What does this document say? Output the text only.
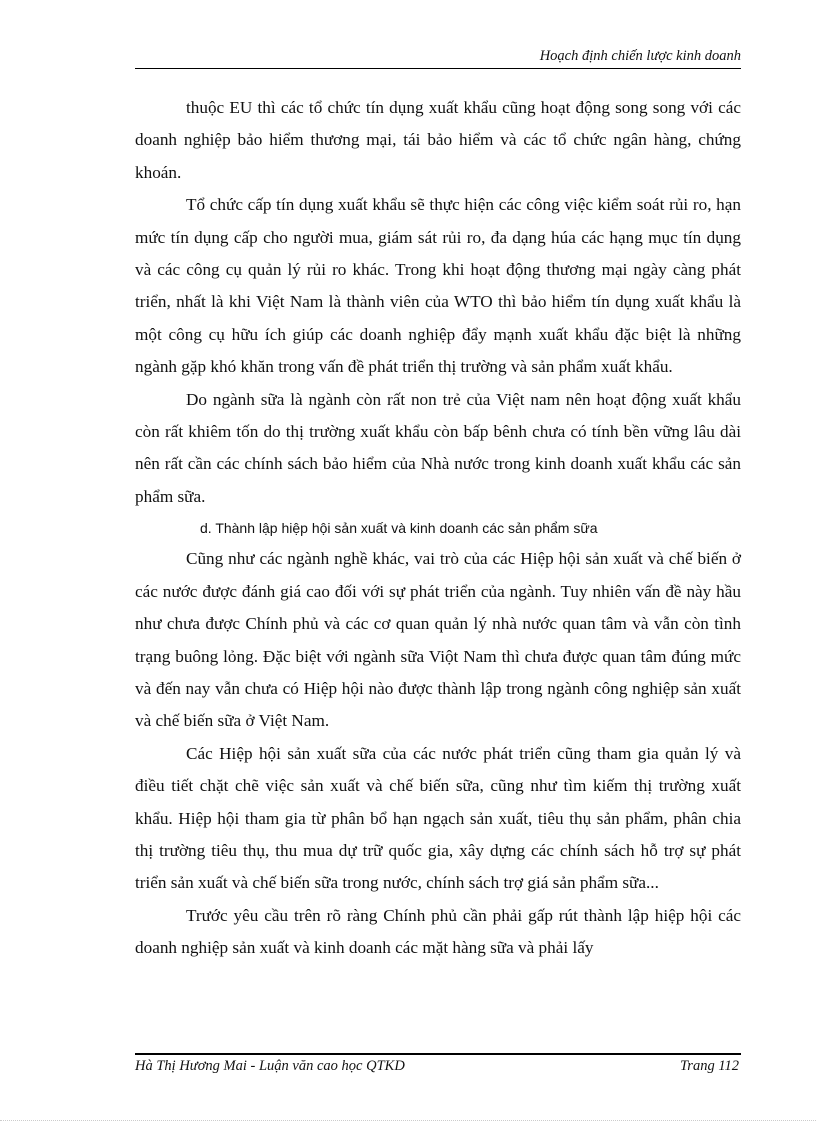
Hoạch định chiến lược kinh doanh

thuộc EU thì các tổ chức tín dụng xuất khẩu cũng hoạt động song song với các doanh nghiệp bảo hiểm thương mại, tái bảo hiểm và các tổ chức ngân hàng, chứng khoán.

Tổ chức cấp tín dụng xuất khẩu sẽ thực hiện các công việc kiểm soát rủi ro, hạn mức tín dụng cấp cho người mua, giám sát rủi ro, đa dạng húa các hạng mục tín dụng và các công cụ quản lý rủi ro khác. Trong khi hoạt động thương mại ngày càng phát triển, nhất là khi Việt Nam là thành viên của WTO thì bảo hiểm tín dụng xuất khẩu là một công cụ hữu ích giúp các doanh nghiệp đẩy mạnh xuất khẩu đặc biệt là những ngành gặp khó khăn trong vấn đề phát triển thị trường và sản phẩm xuất khẩu.

Do ngành sữa là ngành còn rất non trẻ của Việt nam nên hoạt động xuất khẩu còn rất khiêm tốn do thị trường xuất khẩu còn bấp bênh chưa có tính bền vững lâu dài nên rất cần các chính sách bảo hiểm của Nhà nước trong kinh doanh xuất khẩu các sản phẩm sữa.

d. Thành lập hiệp hội sản xuất và kinh doanh các sản phẩm sữa

Cũng như các ngành nghề khác, vai trò của các Hiệp hội sản xuất và chế biến ở các nước được đánh giá cao đối với sự phát triển của ngành. Tuy nhiên vấn đề này hầu như chưa được Chính phủ và các cơ quan quản lý nhà nước quan tâm và vẫn còn tình trạng buông lỏng. Đặc biệt với ngành sữa Viột Nam thì chưa được quan tâm đúng mức và đến nay vẫn chưa có Hiệp hội nào được thành lập trong ngành công nghiệp sản xuất và chế biến sữa ở Việt Nam.

Các Hiệp hội sản xuất sữa của các nước phát triển cũng tham gia quản lý và điều tiết chặt chẽ việc sản xuất và chế biến sữa, cũng như tìm kiếm thị trường xuất khẩu. Hiệp hội tham gia từ phân bổ hạn ngạch sản xuất, tiêu thụ sản phẩm, phân chia thị trường tiêu thụ, thu mua dự trữ quốc gia, xây dựng các chính sách hỗ trợ sự phát triển sản xuất và chế biến sữa trong nước, chính sách trợ giá sản phẩm sữa...

Trước yêu cầu trên rõ ràng Chính phủ cần phải gấp rút thành lập hiệp hội các doanh nghiệp sản xuất và kinh doanh các mặt hàng sữa và phải lấy

Hà Thị Hương Mai - Luận văn cao học QTKD	Trang 112
